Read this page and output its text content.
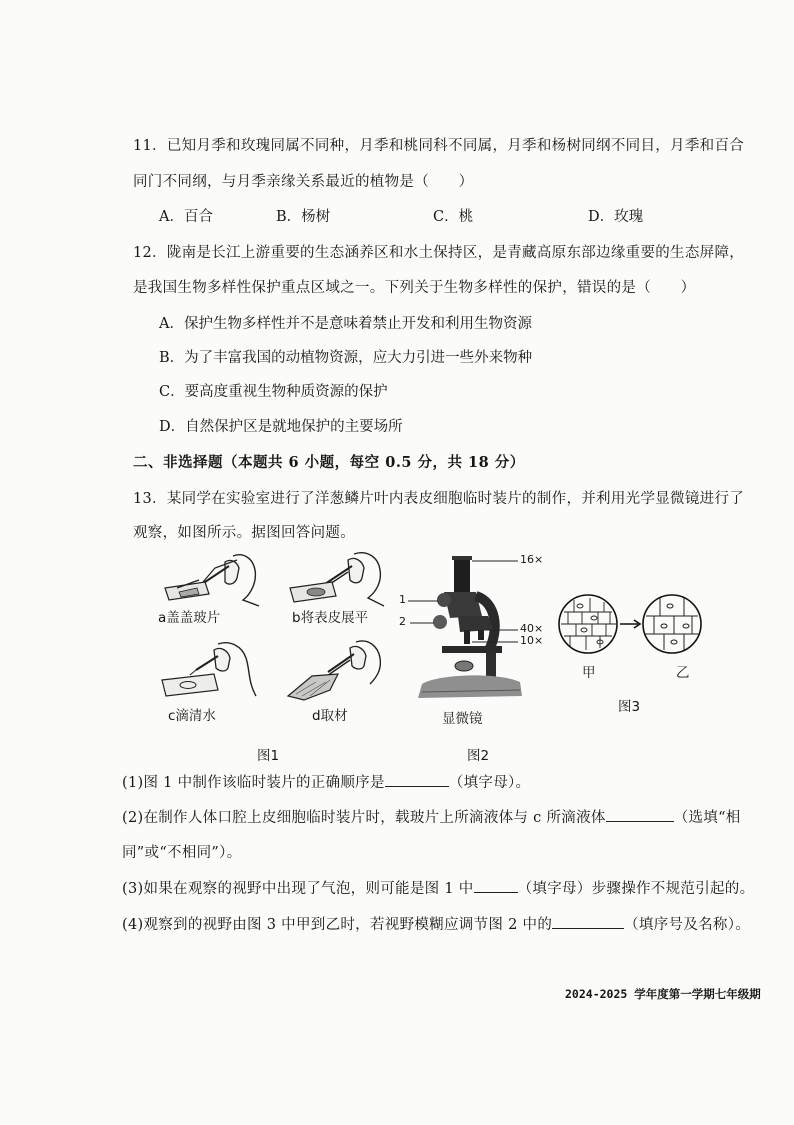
11．已知月季和玫瑰同属不同种，月季和桃同科不同属，月季和杨树同纲不同目，月季和百合
同门不同纲，与月季亲缘关系最近的植物是（　　）
A．百合	B．杨树	C．桃	D．玫瑰
12．陇南是长江上游重要的生态涵养区和水土保持区，是青藏高原东部边缘重要的生态屏障，
是我国生物多样性保护重点区域之一。下列关于生物多样性的保护，错误的是（　　）
A．保护生物多样性并不是意味着禁止开发和利用生物资源
B．为了丰富我国的动植物资源，应大力引进一些外来物种
C．要高度重视生物种质资源的保护
D．自然保护区是就地保护的主要场所
二、非选择题（本题共 6 小题，每空 0.5 分，共 18 分）
13．某同学在实验室进行了洋葱鳞片叶内表皮细胞临时装片的制作，并利用光学显微镜进行了
观察，如图所示。据图回答问题。
a盖盖玻片	b将表皮展平
c滴清水	d取材
图1
16×
1
2
40×
10×
显微镜
图2
甲	乙
图3
(1)图 1 中制作该临时装片的正确顺序是	（填字母）。
(2)在制作人体口腔上皮细胞临时装片时，载玻片上所滴液体与 c 所滴液体	（选填“相
同”或“不相同”）。
(3)如果在观察的视野中出现了气泡，则可能是图 1 中	（填字母）步骤操作不规范引起的。
(4)观察到的视野由图 3 中甲到乙时，若视野模糊应调节图 2 中的	（填序号及名称）。
2024-2025 学年度第一学期七年级期
